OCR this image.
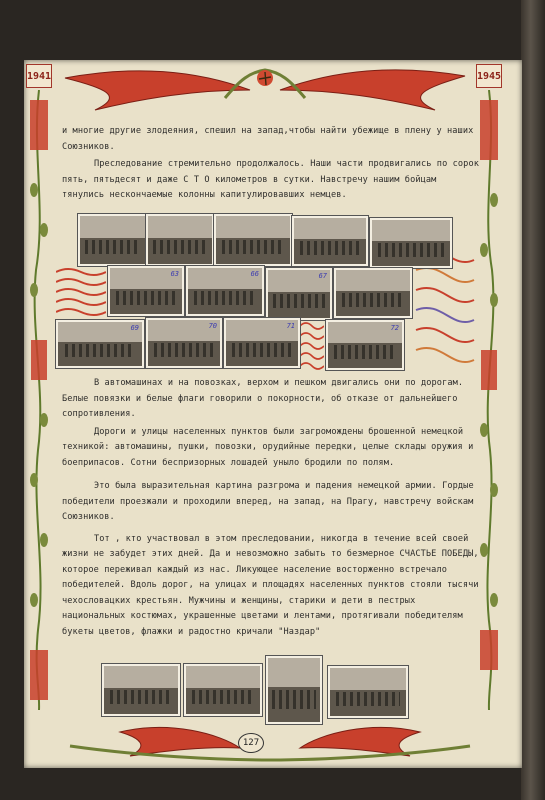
1941	1945

и многие другие злодеяния, спешил на запад,чтобы найти убежище в плену у наших Союзников.

Преследование стремительно продолжалось. Наши части продвигались по сорок пять, пятьдесят и даже С Т О километров в сутки. Навстречу нашим бойцам тянулись нескончаемые колонны капитулировавших немцев.

63	66	67
69	70	71	72

В автомашинах и на повозках, верхом и пешком двигались они по дорогам. Белые повязки и белые флаги говорили о покорности, об отказе от дальнейшего сопротивления.

Дороги и улицы населенных пунктов были загромождены брошенной немецкой техникой: автомашины, пушки, повозки, орудийные передки, целые склады оружия и боеприпасов. Сотни беспризорных лошадей уныло бродили по полям.

Это была выразительная картина разгрома и падения немецкой армии. Гордые победители проезжали и проходили вперед, на запад, на Прагу, навстречу войскам Союзников.

Тот , кто участвовал в этом преследовании, никогда в течение всей своей жизни не забудет этих дней. Да и невозможно забыть то безмерное СЧАСТЬЕ ПОБЕДЫ, которое переживал каждый из нас. Ликующее население восторженно встречало победителей. Вдоль дорог, на улицах и площадях населенных пунктов стояли тысячи чехословацких крестьян. Мужчины и женщины, старики и дети в пестрых национальных костюмах, украшенные цветами и лентами, протягивали победителям букеты цветов, флажки и радостно кричали "Наздар"

127
